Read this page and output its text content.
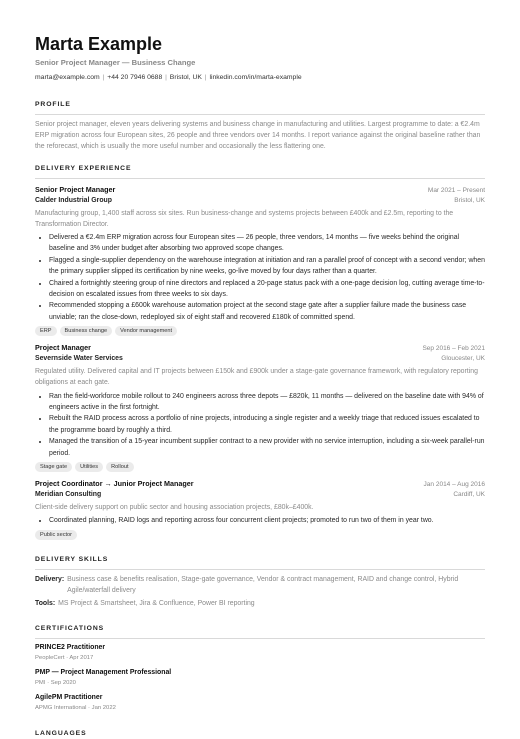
Marta Example
Senior Project Manager — Business Change
marta@example.com | +44 20 7946 0688 | Bristol, UK | linkedin.com/in/marta-example
PROFILE

Senior project manager, eleven years delivering systems and business change in manufacturing and utilities. Largest programme to date: a €2.4m ERP migration across four European sites, 26 people and three vendors over 14 months. I report variance against the original baseline rather than the reforecast, which is usually the more useful number and occasionally the less flattering one.

DELIVERY EXPERIENCE
Senior Project Manager	Mar 2021 – Present
Calder Industrial Group	Bristol, UK
Manufacturing group, 1,400 staff across six sites. Run business-change and systems projects between £400k and £2.5m, reporting to the Transformation Director.
• Delivered a €2.4m ERP migration across four European sites — 26 people, three vendors, 14 months — five weeks behind the original baseline and 3% under budget after absorbing two approved scope changes.
• Flagged a single-supplier dependency on the warehouse integration at initiation and ran a parallel proof of concept with a second vendor; when the primary supplier slipped its certification by nine weeks, go-live moved by four days rather than a quarter.
• Chaired a fortnightly steering group of nine directors and replaced a 20-page status pack with a one-page decision log, cutting average time-to-decision on escalated issues from three weeks to six days.
• Recommended stopping a £600k warehouse automation project at the second stage gate after a supplier failure made the business case unviable; ran the close-down, redeployed six of eight staff and recovered £180k of committed spend.
ERP	Business change	Vendor management
Project Manager	Sep 2016 – Feb 2021
Severnside Water Services	Gloucester, UK
Regulated utility. Delivered capital and IT projects between £150k and £900k under a stage-gate governance framework, with regulatory reporting obligations at each gate.
• Ran the field-workforce mobile rollout to 240 engineers across three depots — £820k, 11 months — delivered on the baseline date with 94% of engineers active in the first fortnight.
• Rebuilt the RAID process across a portfolio of nine projects, introducing a single register and a weekly triage that reduced issues escalated to the programme board by roughly a third.
• Managed the transition of a 15-year incumbent supplier contract to a new provider with no service interruption, including a six-week parallel-run period.
Stage gate	Utilities	Rollout
Project Coordinator → Junior Project Manager	Jan 2014 – Aug 2016
Meridian Consulting	Cardiff, UK
Client-side delivery support on public sector and housing association projects, £80k–£400k.
• Coordinated planning, RAID logs and reporting across four concurrent client projects; promoted to run two of them in year two.
Public sector
DELIVERY SKILLS
Delivery: Business case & benefits realisation, Stage-gate governance, Vendor & contract management, RAID and change control, Hybrid Agile/waterfall delivery
Tools: MS Project & Smartsheet, Jira & Confluence, Power BI reporting
CERTIFICATIONS
PRINCE2 Practitioner
PeopleCert · Apr 2017
PMP — Project Management Professional
PMI · Sep 2020
AgilePM Practitioner
APMG International · Jan 2022
LANGUAGES
